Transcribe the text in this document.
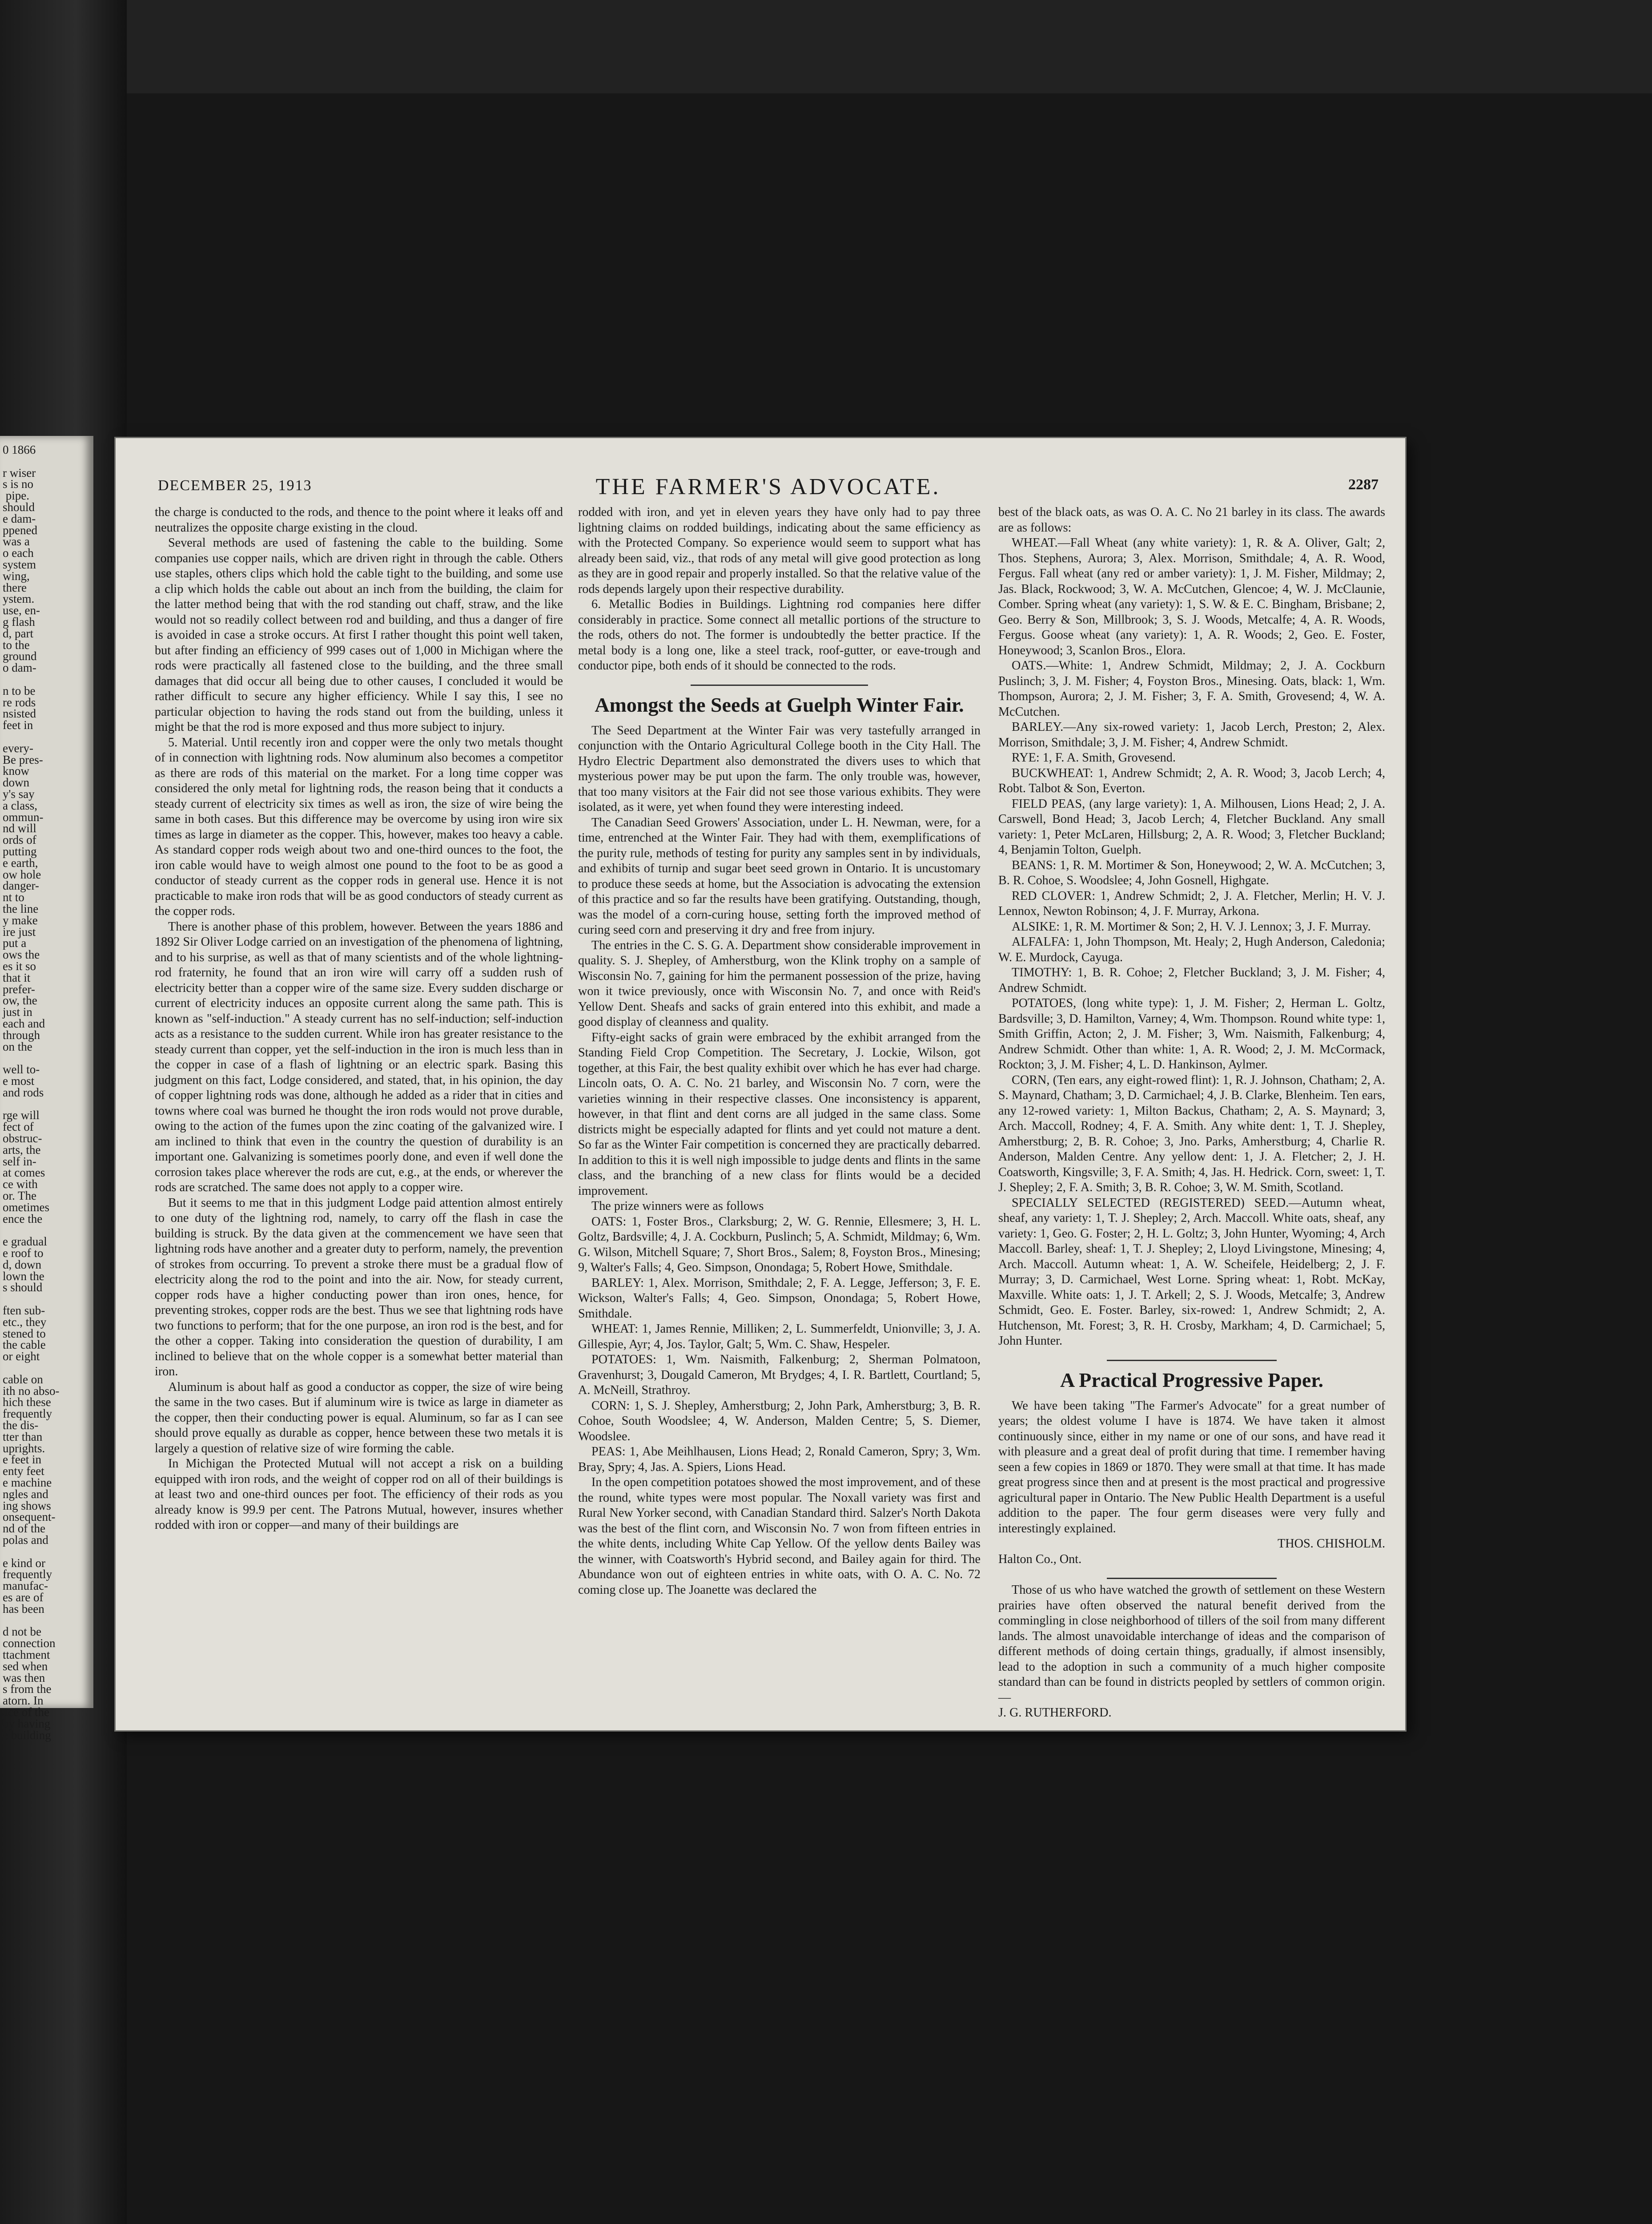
0 1866
r wiser
s is no
pipe.
should
e dam-
ppened
was a
o each
system
wing,
there
ystem.
use, en-
g flash
d, part
to the
ground
o dam-
n to be
re rods
nsisted
feet in
every-
Be pres-
know
down
y's say
a class,
ommun-
nd will
ords of
putting
e earth,
ow hole
danger-
nt to
the line
y make
ire just
put a
ows the
es it so
that it
prefer-
ow, the
just in
each and
through
on the
well to-
e most
and rods
rge will
fect of
obstruc-
arts, the
self in-
at comes
ce with
or. The
ometimes
ence the
e gradual
e roof to
d, down
lown the
s should
ften sub-
etc., they
stened to
the cable
or eight
cable on
ith no abso-
hich these
frequently
the dis-
tter than
uprights.
e feet in
enty feet
e machine
ngles and
ing shows
onsequent-
nd of the
polas and
e kind or
frequently
manufac-
es are of
has been
d not be
connection
ttachment
sed when
was then
s from the
atorn. In
ace of the
by having
e building
DECEMBER 25, 1913	THE FARMER'S ADVOCATE.	2287

the charge is conducted to the rods, and thence to the point where it leaks off and neutralizes the opposite charge existing in the cloud.

Several methods are used of fastening the cable to the building. Some companies use copper nails, which are driven right in through the cable. Others use staples, others clips which hold the cable tight to the building, and some use a clip which holds the cable out about an inch from the building, the claim for the latter method being that with the rod standing out chaff, straw, and the like would not so readily collect between rod and building, and thus a danger of fire is avoided in case a stroke occurs. At first I rather thought this point well taken, but after finding an efficiency of 999 cases out of 1,000 in Michigan where the rods were practically all fastened close to the building, and the three small damages that did occur all being due to other causes, I concluded it would be rather difficult to secure any higher efficiency. While I say this, I see no particular objection to having the rods stand out from the building, unless it might be that the rod is more exposed and thus more subject to injury.

5. Material. Until recently iron and copper were the only two metals thought of in connection with lightning rods. Now aluminum also becomes a competitor as there are rods of this material on the market. For a long time copper was considered the only metal for lightning rods, the reason being that it conducts a steady current of electricity six times as well as iron, the size of wire being the same in both cases. But this difference may be overcome by using iron wire six times as large in diameter as the copper. This, however, makes too heavy a cable. As standard copper rods weigh about two and one-third ounces to the foot, the iron cable would have to weigh almost one pound to the foot to be as good a conductor of steady current as the copper rods in general use. Hence it is not practicable to make iron rods that will be as good conductors of steady current as the copper rods.

There is another phase of this problem, however. Between the years 1886 and 1892 Sir Oliver Lodge carried on an investigation of the phenomena of lightning, and to his surprise, as well as that of many scientists and of the whole lightning-rod fraternity, he found that an iron wire will carry off a sudden rush of electricity better than a copper wire of the same size. Every sudden discharge or current of electricity induces an opposite current along the same path. This is known as "self-induction." A steady current has no self-induction; self-induction acts as a resistance to the sudden current. While iron has greater resistance to the steady current than copper, yet the self-induction in the iron is much less than in the copper in case of a flash of lightning or an electric spark. Basing this judgment on this fact, Lodge considered, and stated, that, in his opinion, the day of copper lightning rods was done, although he added as a rider that in cities and towns where coal was burned he thought the iron rods would not prove durable, owing to the action of the fumes upon the zinc coating of the galvanized wire. I am inclined to think that even in the country the question of durability is an important one. Galvanizing is sometimes poorly done, and even if well done the corrosion takes place wherever the rods are cut, e.g., at the ends, or wherever the rods are scratched. The same does not apply to a copper wire.

But it seems to me that in this judgment Lodge paid attention almost entirely to one duty of the lightning rod, namely, to carry off the flash in case the building is struck. By the data given at the commencement we have seen that lightning rods have another and a greater duty to perform, namely, the prevention of strokes from occurring. To prevent a stroke there must be a gradual flow of electricity along the rod to the point and into the air. Now, for steady current, copper rods have a higher conducting power than iron ones, hence, for preventing strokes, copper rods are the best. Thus we see that lightning rods have two functions to perform; that for the one purpose, an iron rod is the best, and for the other a copper. Taking into consideration the question of durability, I am inclined to believe that on the whole copper is a somewhat better material than iron.

Aluminum is about half as good a conductor as copper, the size of wire being the same in the two cases. But if aluminum wire is twice as large in diameter as the copper, then their conducting power is equal. Aluminum, so far as I can see should prove equally as durable as copper, hence between these two metals it is largely a question of relative size of wire forming the cable.

In Michigan the Protected Mutual will not accept a risk on a building equipped with iron rods, and the weight of copper rod on all of their buildings is at least two and one-third ounces per foot. The efficiency of their rods as you already know is 99.9 per cent. The Patrons Mutual, however, insures whether rodded with iron or copper—and many of their buildings are

rodded with iron, and yet in eleven years they have only had to pay three lightning claims on rodded buildings, indicating about the same efficiency as with the Protected Company. So experience would seem to support what has already been said, viz., that rods of any metal will give good protection as long as they are in good repair and properly installed. So that the relative value of the rods depends largely upon their respective durability.

6. Metallic Bodies in Buildings. Lightning rod companies here differ considerably in practice. Some connect all metallic portions of the structure to the rods, others do not. The former is undoubtedly the better practice. If the metal body is a long one, like a steel track, roof-gutter, or eave-trough and conductor pipe, both ends of it should be connected to the rods.

Amongst the Seeds at Guelph Winter Fair.

The Seed Department at the Winter Fair was very tastefully arranged in conjunction with the Ontario Agricultural College booth in the City Hall. The Hydro Electric Department also demonstrated the divers uses to which that mysterious power may be put upon the farm. The only trouble was, however, that too many visitors at the Fair did not see those various exhibits. They were isolated, as it were, yet when found they were interesting indeed.

The Canadian Seed Growers' Association, under L. H. Newman, were, for a time, entrenched at the Winter Fair. They had with them, exemplifications of the purity rule, methods of testing for purity any samples sent in by individuals, and exhibits of turnip and sugar beet seed grown in Ontario. It is uncustomary to produce these seeds at home, but the Association is advocating the extension of this practice and so far the results have been gratifying. Outstanding, though, was the model of a corn-curing house, setting forth the improved method of curing seed corn and preserving it dry and free from injury.

The entries in the C. S. G. A. Department show considerable improvement in quality. S. J. Shepley, of Amherstburg, won the Klink trophy on a sample of Wisconsin No. 7, gaining for him the permanent possession of the prize, having won it twice previously, once with Wisconsin No. 7, and once with Reid's Yellow Dent. Sheafs and sacks of grain entered into this exhibit, and made a good display of cleanness and quality.

Fifty-eight sacks of grain were embraced by the exhibit arranged from the Standing Field Crop Competition. The Secretary, J. Lockie, Wilson, got together, at this Fair, the best quality exhibit over which he has ever had charge. Lincoln oats, O. A. C. No. 21 barley, and Wisconsin No. 7 corn, were the varieties winning in their respective classes. One inconsistency is apparent, however, in that flint and dent corns are all judged in the same class. Some districts might be especially adapted for flints and yet could not mature a dent. So far as the Winter Fair competition is concerned they are practically debarred. In addition to this it is well nigh impossible to judge dents and flints in the same class, and the branching of a new class for flints would be a decided improvement.

The prize winners were as follows

OATS: 1, Foster Bros., Clarksburg; 2, W. G. Rennie, Ellesmere; 3, H. L. Goltz, Bardsville; 4, J. A. Cockburn, Puslinch; 5, A. Schmidt, Mildmay; 6, Wm. G. Wilson, Mitchell Square; 7, Short Bros., Salem; 8, Foyston Bros., Minesing; 9, Walter's Falls; 4, Geo. Simpson, Onondaga; 5, Robert Howe, Smithdale.

BARLEY: 1, Alex. Morrison, Smithdale; 2, F. A. Legge, Jefferson; 3, F. E. Wickson, Walter's Falls; 4, Geo. Simpson, Onondaga; 5, Robert Howe, Smithdale.

WHEAT: 1, James Rennie, Milliken; 2, L. Summerfeldt, Unionville; 3, J. A. Gillespie, Ayr; 4, Jos. Taylor, Galt; 5, Wm. C. Shaw, Hespeler.

POTATOES: 1, Wm. Naismith, Falkenburg; 2, Sherman Polmatoon, Gravenhurst; 3, Dougald Cameron, Mt Brydges; 4, I. R. Bartlett, Courtland; 5, A. McNeill, Strathroy.

CORN: 1, S. J. Shepley, Amherstburg; 2, John Park, Amherstburg; 3, B. R. Cohoe, South Woodslee; 4, W. Anderson, Malden Centre; 5, S. Diemer, Woodslee.

PEAS: 1, Abe Meihlhausen, Lions Head; 2, Ronald Cameron, Spry; 3, Wm. Bray, Spry; 4, Jas. A. Spiers, Lions Head.

In the open competition potatoes showed the most improvement, and of these the round, white types were most popular. The Noxall variety was first and Rural New Yorker second, with Canadian Standard third. Salzer's North Dakota was the best of the flint corn, and Wisconsin No. 7 won from fifteen entries in the white dents, including White Cap Yellow. Of the yellow dents Bailey was the winner, with Coatsworth's Hybrid second, and Bailey again for third. The Abundance won out of eighteen entries in white oats, with O. A. C. No. 72 coming close up. The Joanette was declared the

best of the black oats, as was O. A. C. No 21 barley in its class. The awards are as follows:

WHEAT.—Fall Wheat (any white variety): 1, R. & A. Oliver, Galt; 2, Thos. Stephens, Aurora; 3, Alex. Morrison, Smithdale; 4, A. R. Wood, Fergus. Fall wheat (any red or amber variety): 1, J. M. Fisher, Mildmay; 2, Jas. Black, Rockwood; 3, W. A. McCutchen, Glencoe; 4, W. J. McClaunie, Comber. Spring wheat (any variety): 1, S. W. & E. C. Bingham, Brisbane; 2, Geo. Berry & Son, Millbrook; 3, S. J. Woods, Metcalfe; 4, A. R. Woods, Fergus. Goose wheat (any variety): 1, A. R. Woods; 2, Geo. E. Foster, Honeywood; 3, Scanlon Bros., Elora.

OATS.—White: 1, Andrew Schmidt, Mildmay; 2, J. A. Cockburn Puslinch; 3, J. M. Fisher; 4, Foyston Bros., Minesing. Oats, black: 1, Wm. Thompson, Aurora; 2, J. M. Fisher; 3, F. A. Smith, Grovesend; 4, W. A. McCutchen.

BARLEY.—Any six-rowed variety: 1, Jacob Lerch, Preston; 2, Alex. Morrison, Smithdale; 3, J. M. Fisher; 4, Andrew Schmidt.

RYE: 1, F. A. Smith, Grovesend.

BUCKWHEAT: 1, Andrew Schmidt; 2, A. R. Wood; 3, Jacob Lerch; 4, Robt. Talbot & Son, Everton.

FIELD PEAS, (any large variety): 1, A. Milhousen, Lions Head; 2, J. A. Carswell, Bond Head; 3, Jacob Lerch; 4, Fletcher Buckland. Any small variety: 1, Peter McLaren, Hillsburg; 2, A. R. Wood; 3, Fletcher Buckland; 4, Benjamin Tolton, Guelph.

BEANS: 1, R. M. Mortimer & Son, Honeywood; 2, W. A. McCutchen; 3, B. R. Cohoe, S. Woodslee; 4, John Gosnell, Highgate.

RED CLOVER: 1, Andrew Schmidt; 2, J. A. Fletcher, Merlin; H. V. J. Lennox, Newton Robinson; 4, J. F. Murray, Arkona.

ALSIKE: 1, R. M. Mortimer & Son; 2, H. V. J. Lennox; 3, J. F. Murray.

ALFALFA: 1, John Thompson, Mt. Healy; 2, Hugh Anderson, Caledonia; W. E. Murdock, Cayuga.

TIMOTHY: 1, B. R. Cohoe; 2, Fletcher Buckland; 3, J. M. Fisher; 4, Andrew Schmidt.

POTATOES, (long white type): 1, J. M. Fisher; 2, Herman L. Goltz, Bardsville; 3, D. Hamilton, Varney; 4, Wm. Thompson. Round white type: 1, Smith Griffin, Acton; 2, J. M. Fisher; 3, Wm. Naismith, Falkenburg; 4, Andrew Schmidt. Other than white: 1, A. R. Wood; 2, J. M. McCormack, Rockton; 3, J. M. Fisher; 4, L. D. Hankinson, Aylmer.

CORN, (Ten ears, any eight-rowed flint): 1, R. J. Johnson, Chatham; 2, A. S. Maynard, Chatham; 3, D. Carmichael; 4, J. B. Clarke, Blenheim. Ten ears, any 12-rowed variety: 1, Milton Backus, Chatham; 2, A. S. Maynard; 3, Arch. Maccoll, Rodney; 4, F. A. Smith. Any white dent: 1, T. J. Shepley, Amherstburg; 2, B. R. Cohoe; 3, Jno. Parks, Amherstburg; 4, Charlie R. Anderson, Malden Centre. Any yellow dent: 1, J. A. Fletcher; 2, J. H. Coatsworth, Kingsville; 3, F. A. Smith; 4, Jas. H. Hedrick. Corn, sweet: 1, T. J. Shepley; 2, F. A. Smith; 3, B. R. Cohoe; 3, W. M. Smith, Scotland.

SPECIALLY SELECTED (REGISTERED) SEED.—Autumn wheat, sheaf, any variety: 1, T. J. Shepley; 2, Arch. Maccoll. White oats, sheaf, any variety: 1, Geo. G. Foster; 2, H. L. Goltz; 3, John Hunter, Wyoming; 4, Arch Maccoll. Barley, sheaf: 1, T. J. Shepley; 2, Lloyd Livingstone, Minesing; 4, Arch. Maccoll. Autumn wheat: 1, A. W. Scheifele, Heidelberg; 2, J. F. Murray; 3, D. Carmichael, West Lorne. Spring wheat: 1, Robt. McKay, Maxville. White oats: 1, J. T. Arkell; 2, S. J. Woods, Metcalfe; 3, Andrew Schmidt, Geo. E. Foster. Barley, six-rowed: 1, Andrew Schmidt; 2, A. Hutchenson, Mt. Forest; 3, R. H. Crosby, Markham; 4, D. Carmichael; 5, John Hunter.

A Practical Progressive Paper.

We have been taking "The Farmer's Advocate" for a great number of years; the oldest volume I have is 1874. We have taken it almost continuously since, either in my name or one of our sons, and have read it with pleasure and a great deal of profit during that time. I remember having seen a few copies in 1869 or 1870. They were small at that time. It has made great progress since then and at present is the most practical and progressive agricultural paper in Ontario. The New Public Health Department is a useful addition to the paper. The four germ diseases were very fully and interestingly explained.

THOS. CHISHOLM.

Halton Co., Ont.

Those of us who have watched the growth of settlement on these Western prairies have often observed the natural benefit derived from the commingling in close neighborhood of tillers of the soil from many different lands. The almost unavoidable interchange of ideas and the comparison of different methods of doing certain things, gradually, if almost insensibly, lead to the adoption in such a community of a much higher composite standard than can be found in districts peopled by settlers of common origin.—

J. G. RUTHERFORD.
